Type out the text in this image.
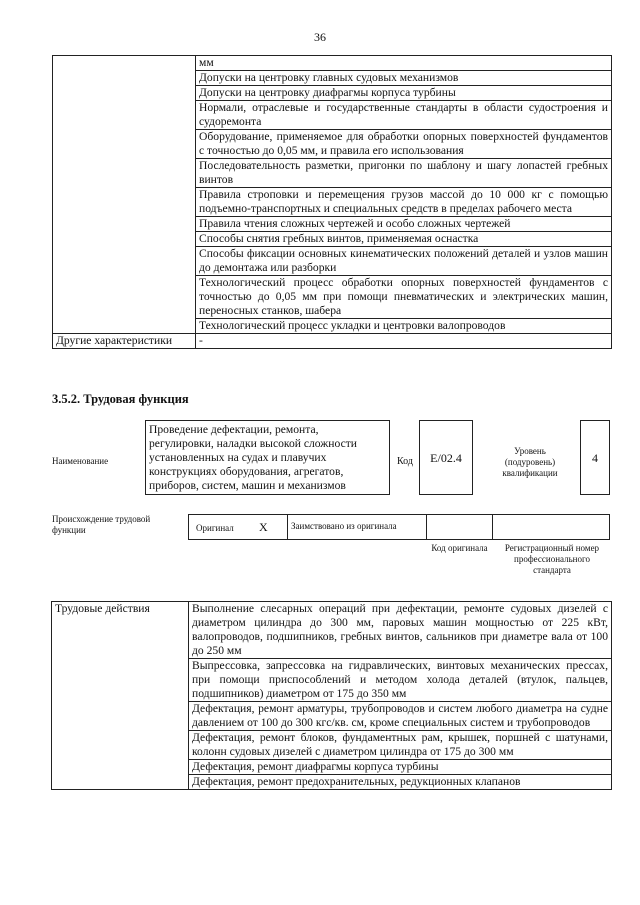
36
	мм
	Допуски на центровку главных судовых механизмов
	Допуски на центровку диафрагмы корпуса турбины
	Нормали, отраслевые и государственные стандарты в области судостроения и судоремонта
	Оборудование, применяемое для обработки опорных поверхностей фундаментов с точностью до 0,05 мм, и правила его использования
	Последовательность разметки, пригонки по шаблону и шагу лопастей гребных винтов
	Правила строповки и перемещения грузов массой до 10 000 кг с помощью подъемно-транспортных и специальных средств в пределах рабочего места
	Правила чтения сложных чертежей и особо сложных чертежей
	Способы снятия гребных винтов, применяемая оснастка
	Способы фиксации основных кинематических положений деталей и узлов машин до демонтажа или разборки
	Технологический процесс обработки опорных поверхностей фундаментов с точностью до 0,05 мм при помощи пневматических и электрических машин, переносных станков, шабера
	Технологический процесс укладки и центровки валопроводов
Другие характеристики	-
3.5.2. Трудовая функция
Наименование
Проведение дефектации, ремонта, регулировки, наладки высокой сложности установленных на судах и плавучих конструкциях оборудования, агрегатов, приборов, систем, машин и механизмов
Код	E/02.4	Уровень (подуровень) квалификации
4
Происхождение трудовой функции	Оригинал X	Заимствовано из оригинала
Код оригинала	Регистрационный номер профессионального стандарта
Трудовые действия	Выполнение слесарных операций при дефектации, ремонте судовых дизелей с диаметром цилиндра до 300 мм, паровых машин мощностью от 225 кВт, валопроводов, подшипников, гребных винтов, сальников при диаметре вала от 100 до 250 мм
Выпрессовка, запрессовка на гидравлических, винтовых механических прессах, при помощи приспособлений и методом холода деталей (втулок, пальцев, подшипников) диаметром от 175 до 350 мм
Дефектация, ремонт арматуры, трубопроводов и систем любого диаметра на судне давлением от 100 до 300 кгс/кв. см, кроме специальных систем и трубопроводов
Дефектация, ремонт блоков, фундаментных рам, крышек, поршней с шатунами, колонн судовых дизелей с диаметром цилиндра от 175 до 300 мм
Дефектация, ремонт диафрагмы корпуса турбины
Дефектация, ремонт предохранительных, редукционных клапанов
